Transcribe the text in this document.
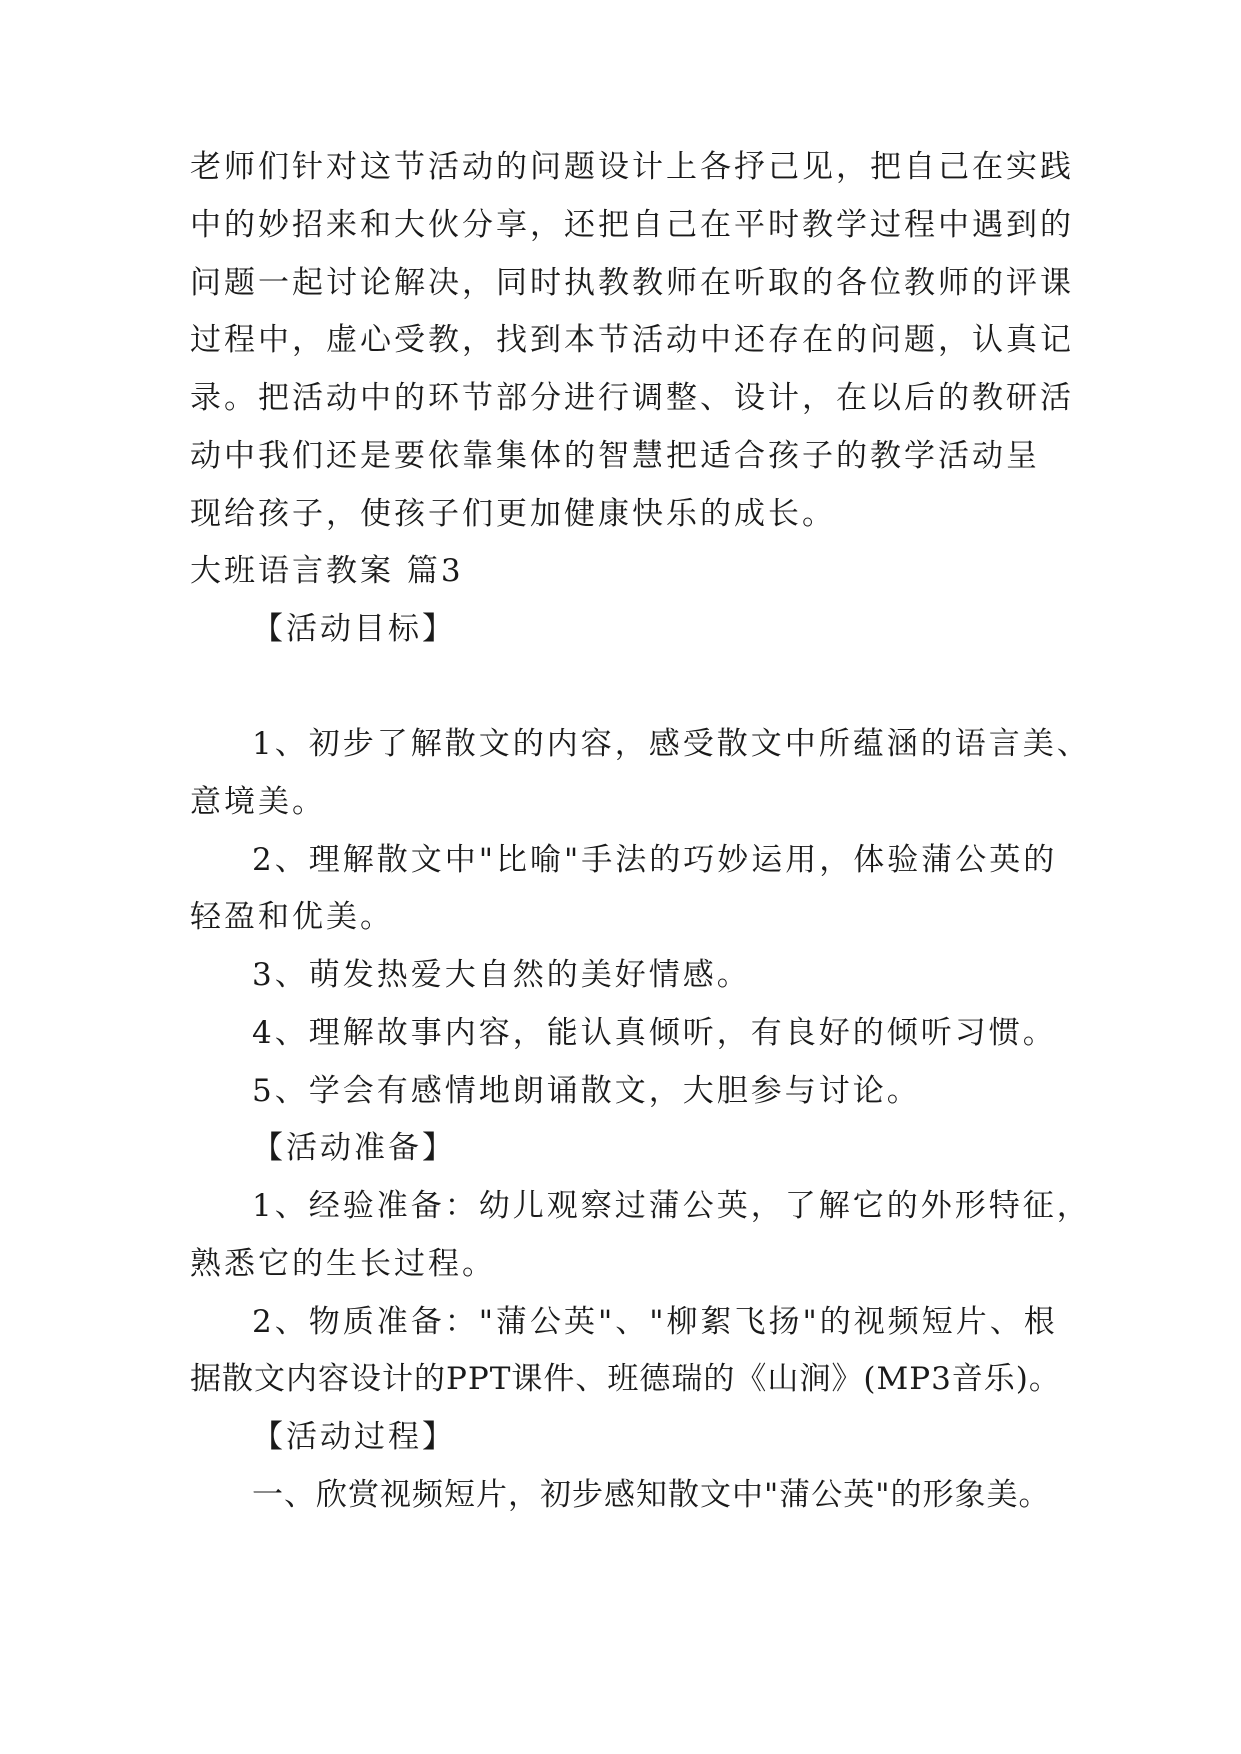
老师们针对这节活动的问题设计上各抒己见，把自己在实践
中的妙招来和大伙分享，还把自己在平时教学过程中遇到的
问题一起讨论解决，同时执教教师在听取的各位教师的评课
过程中，虚心受教，找到本节活动中还存在的问题，认真记
录。把活动中的环节部分进行调整、设计，在以后的教研活
动中我们还是要依靠集体的智慧把适合孩子的教学活动呈
现给孩子，使孩子们更加健康快乐的成长。
大班语言教案 篇3
【活动目标】
1、初步了解散文的内容，感受散文中所蕴涵的语言美、
意境美。
2、理解散文中"比喻"手法的巧妙运用，体验蒲公英的
轻盈和优美。
3、萌发热爱大自然的美好情感。
4、理解故事内容，能认真倾听，有良好的倾听习惯。
5、学会有感情地朗诵散文，大胆参与讨论。
【活动准备】
1、经验准备：幼儿观察过蒲公英，了解它的外形特征，
熟悉它的生长过程。
2、物质准备："蒲公英"、"柳絮飞扬"的视频短片、根
据散文内容设计的PPT课件、班德瑞的《山涧》(MP3音乐)。
【活动过程】
一、欣赏视频短片，初步感知散文中"蒲公英"的形象美。
